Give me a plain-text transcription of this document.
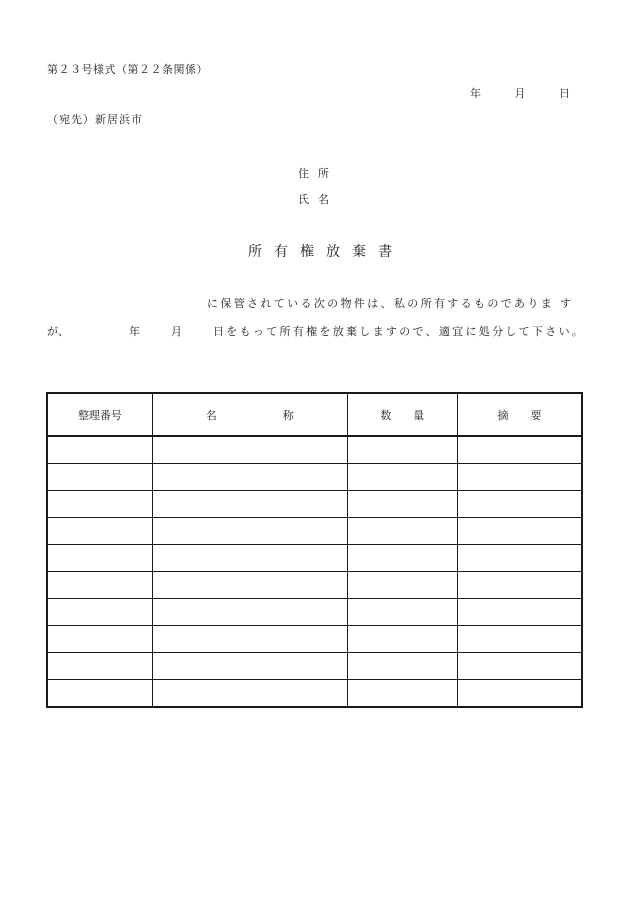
第２３号様式（第２２条関係）
年	月	日
（宛先）新居浜市
住所
氏名
所有権放棄書
に保管されている次の物件は、私の所有するものでありま す
が、	年	月	日をもって所有権を放棄しますので、適宜に処分して下さい。
整理番号	名　　　　　　称	数　　量	摘　　要
